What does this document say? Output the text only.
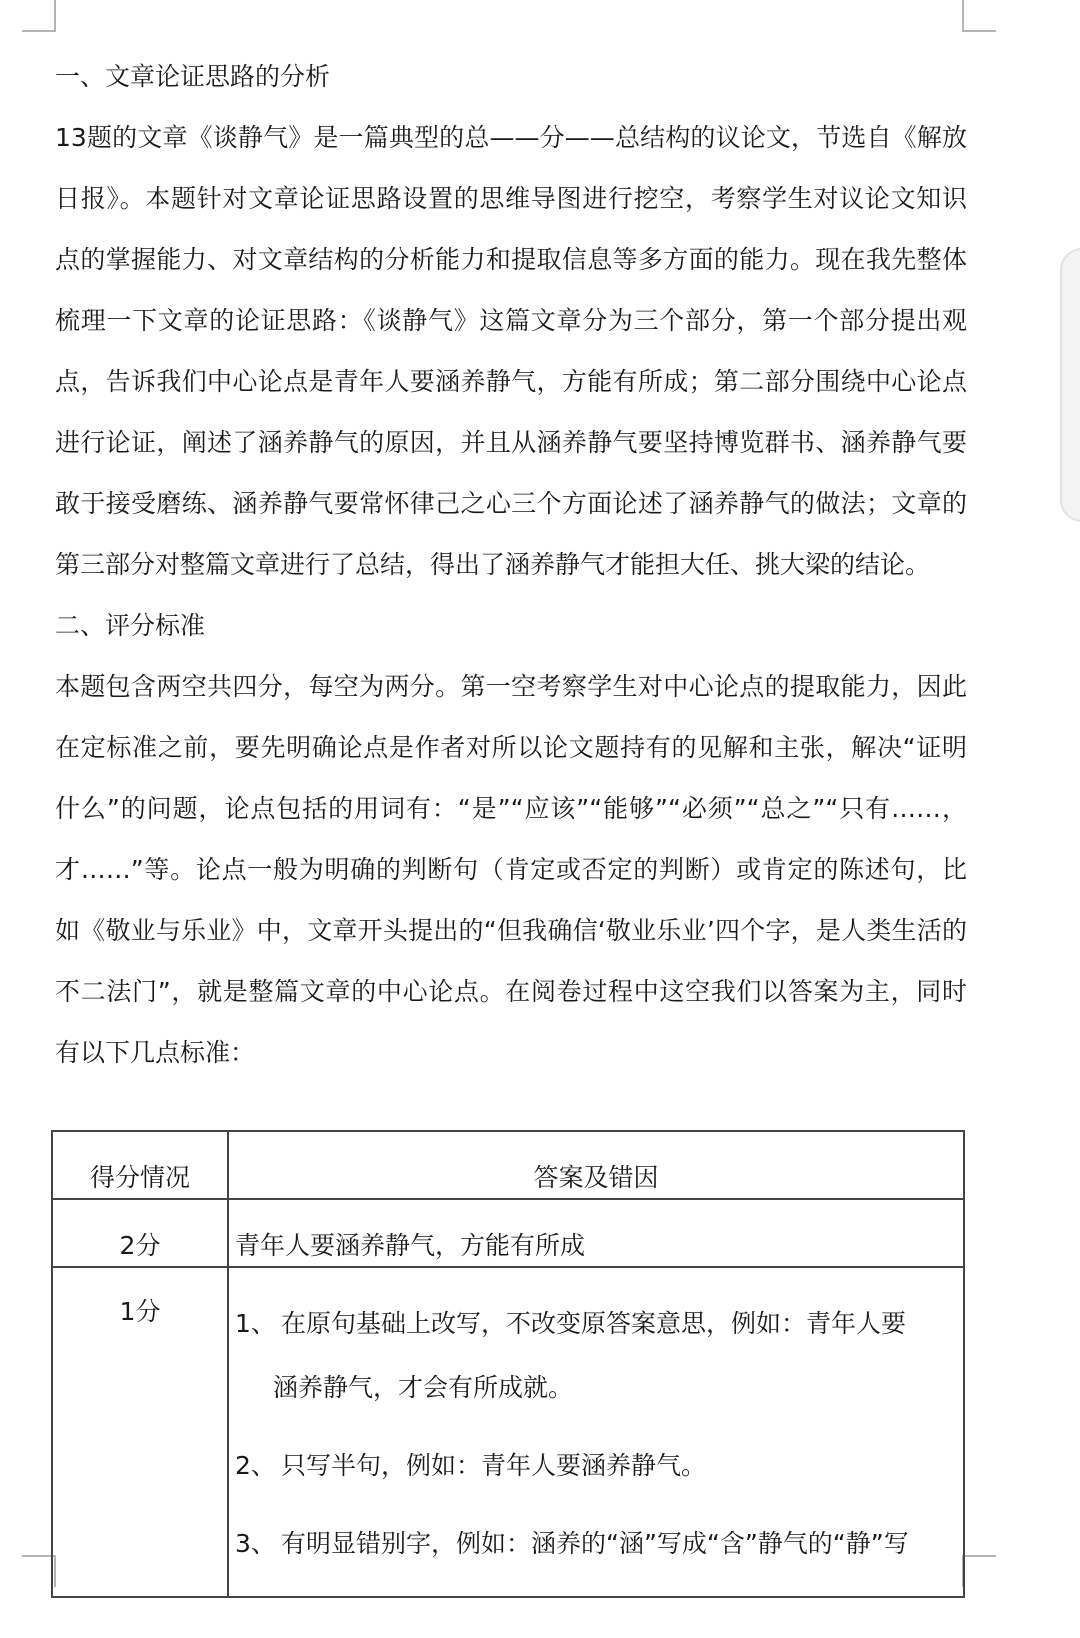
一、文章论证思路的分析

13题的文章《谈静气》是一篇典型的总——分——总结构的议论文，节选自《解放日报》。本题针对文章论证思路设置的思维导图进行挖空，考察学生对议论文知识点的掌握能力、对文章结构的分析能力和提取信息等多方面的能力。现在我先整体梳理一下文章的论证思路：《谈静气》这篇文章分为三个部分，第一个部分提出观点，告诉我们中心论点是青年人要涵养静气，方能有所成；第二部分围绕中心论点进行论证，阐述了涵养静气的原因，并且从涵养静气要坚持博览群书、涵养静气要敢于接受磨练、涵养静气要常怀律己之心三个方面论述了涵养静气的做法；文章的第三部分对整篇文章进行了总结，得出了涵养静气才能担大任、挑大梁的结论。

二、评分标准

本题包含两空共四分，每空为两分。第一空考察学生对中心论点的提取能力，因此在定标准之前，要先明确论点是作者对所以论文题持有的见解和主张，解决“证明什么”的问题，论点包括的用词有：“是”“应该”“能够”“必须”“总之”“只有……，才……”等。论点一般为明确的判断句（肯定或否定的判断）或肯定的陈述句，比如《敬业与乐业》中，文章开头提出的“但我确信‘敬业乐业’四个字，是人类生活的不二法门”，就是整篇文章的中心论点。在阅卷过程中这空我们以答案为主，同时有以下几点标准：

得分情况	答案及错因
2分	青年人要涵养静气，方能有所成
1分	1、 在原句基础上改写，不改变原答案意思，例如：青年人要
涵养静气，才会有所成就。
2、 只写半句，例如：青年人要涵养静气。
3、 有明显错别字，例如：涵养的“涵”写成“含”静气的“静”写
